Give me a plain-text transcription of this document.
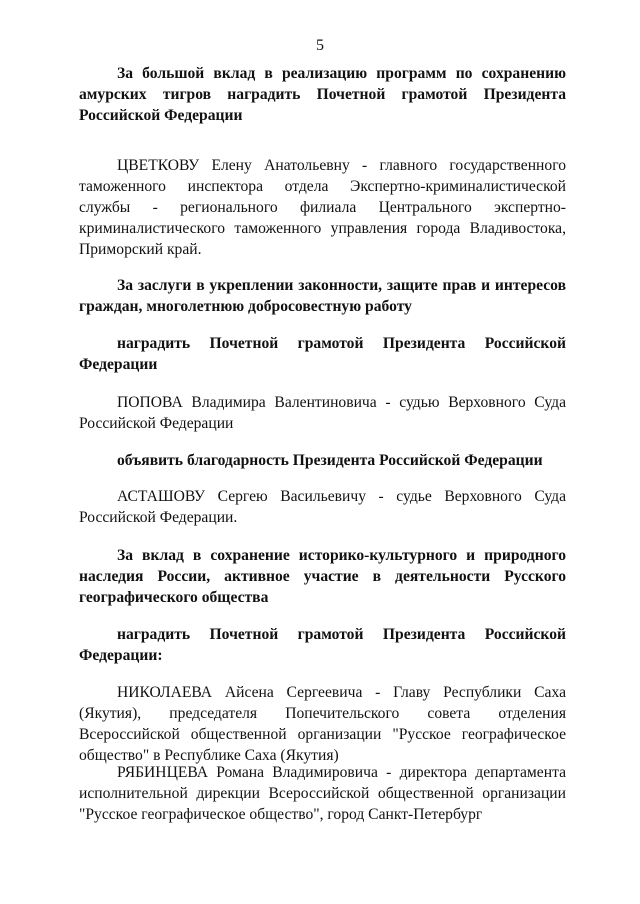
5

За большой вклад в реализацию программ по сохранению амурских тигров наградить Почетной грамотой Президента Российской Федерации

ЦВЕТКОВУ Елену Анатольевну - главного государственного таможенного инспектора отдела Экспертно-криминалистической службы - регионального филиала Центрального экспертно-криминалистического таможенного управления города Владивостока, Приморский край.

За заслуги в укреплении законности, защите прав и интересов граждан, многолетнюю добросовестную работу

наградить Почетной грамотой Президента Российской Федерации

ПОПОВА Владимира Валентиновича - судью Верховного Суда Российской Федерации

объявить благодарность Президента Российской Федерации

АСТАШОВУ Сергею Васильевичу - судье Верховного Суда Российской Федерации.

За вклад в сохранение историко-культурного и природного наследия России, активное участие в деятельности Русского географического общества

наградить Почетной грамотой Президента Российской Федерации:

НИКОЛАЕВА Айсена Сергеевича - Главу Республики Саха (Якутия), председателя Попечительского совета отделения Всероссийской общественной организации "Русское географическое общество" в Республике Саха (Якутия)

РЯБИНЦЕВА Романа Владимировича - директора департамента исполнительной дирекции Всероссийской общественной организации "Русское географическое общество", город Санкт-Петербург
